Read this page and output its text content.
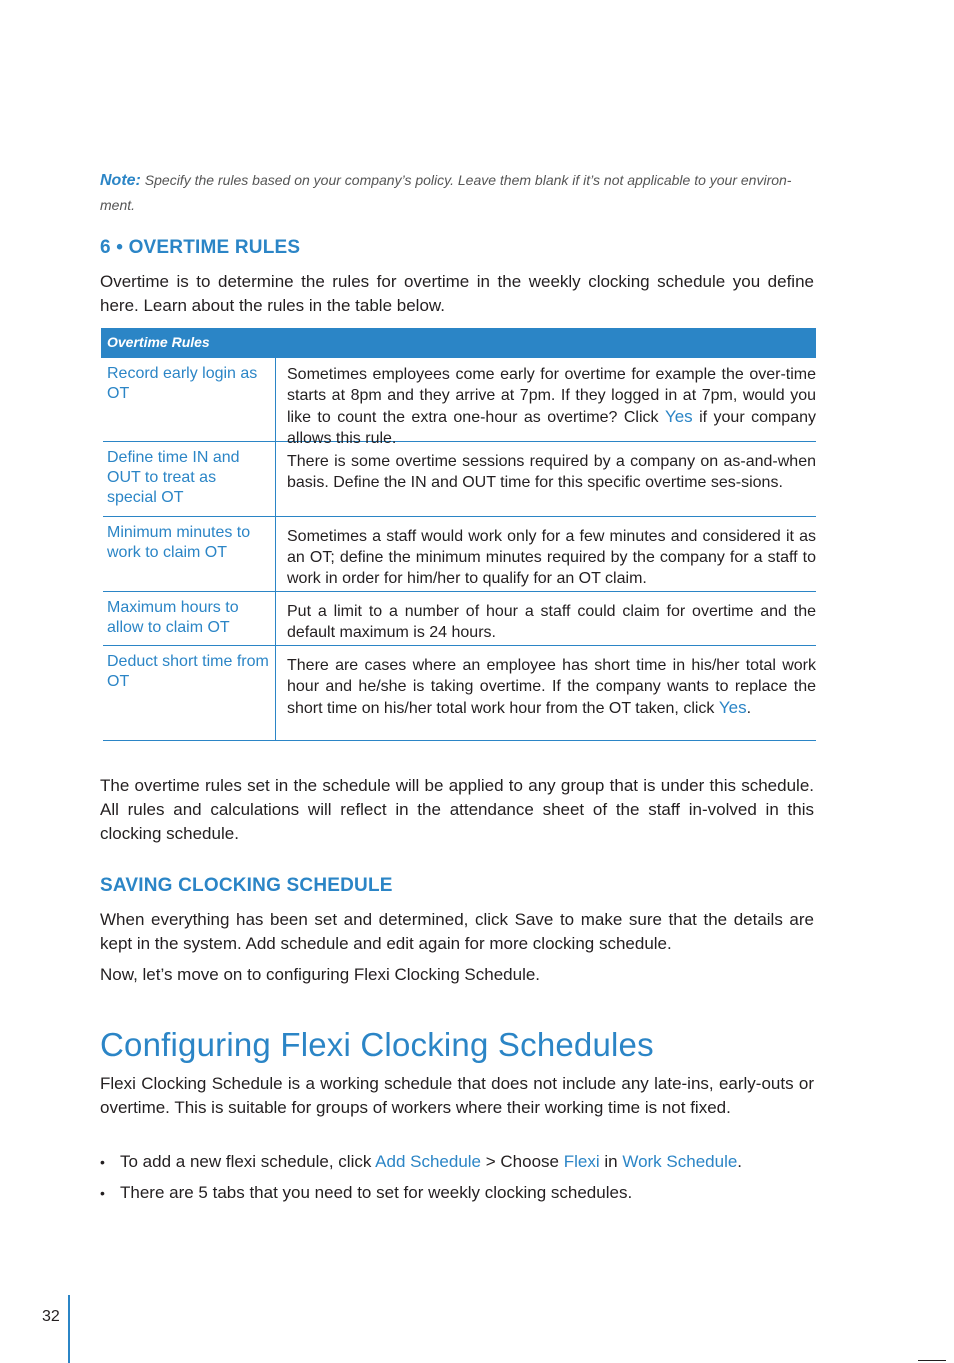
Note: Specify the rules based on your company’s policy. Leave them blank if it’s not applicable to your environ-ment.
6 • OVERTIME RULES

Overtime is to determine the rules for overtime in the weekly clocking schedule you define here. Learn about the rules in the table below.

Overtime Rules
Record early login as OT
Sometimes employees come early for overtime for example the over-time starts at 8pm and they arrive at 7pm. If they logged in at 7pm, would you like to count the extra one-hour as overtime? Click Yes if your company allows this rule.
Define time IN and OUT to treat as special OT
There is some overtime sessions required by a company on as-and-when basis. Define the IN and OUT time for this specific overtime ses-sions.
Minimum minutes to work to claim OT
Sometimes a staff would work only for a few minutes and considered it as an OT; define the minimum minutes required by the company for a staff to work in order for him/her to qualify for an OT claim.
Maximum hours to allow to claim OT
Put a limit to a number of hour a staff could claim for overtime and the default maximum is 24 hours.
Deduct short time from OT
There are cases where an employee has short time in his/her total work hour and he/she is taking overtime. If the company wants to replace the short time on his/her total work hour from the OT taken, click Yes.

The overtime rules set in the schedule will be applied to any group that is under this schedule. All rules and calculations will reflect in the attendance sheet of the staff in-volved in this clocking schedule.

SAVING CLOCKING SCHEDULE

When everything has been set and determined, click Save to make sure that the details are kept in the system. Add schedule and edit again for more clocking schedule.

Now, let’s move on to configuring Flexi Clocking Schedule.

Configuring Flexi Clocking Schedules

Flexi Clocking Schedule is a working schedule that does not include any late-ins, early-outs or overtime. This is suitable for groups of workers where their working time is not fixed.

• To add a new flexi schedule, click Add Schedule > Choose Flexi in Work Schedule.
• There are 5 tabs that you need to set for weekly clocking schedules.
32
